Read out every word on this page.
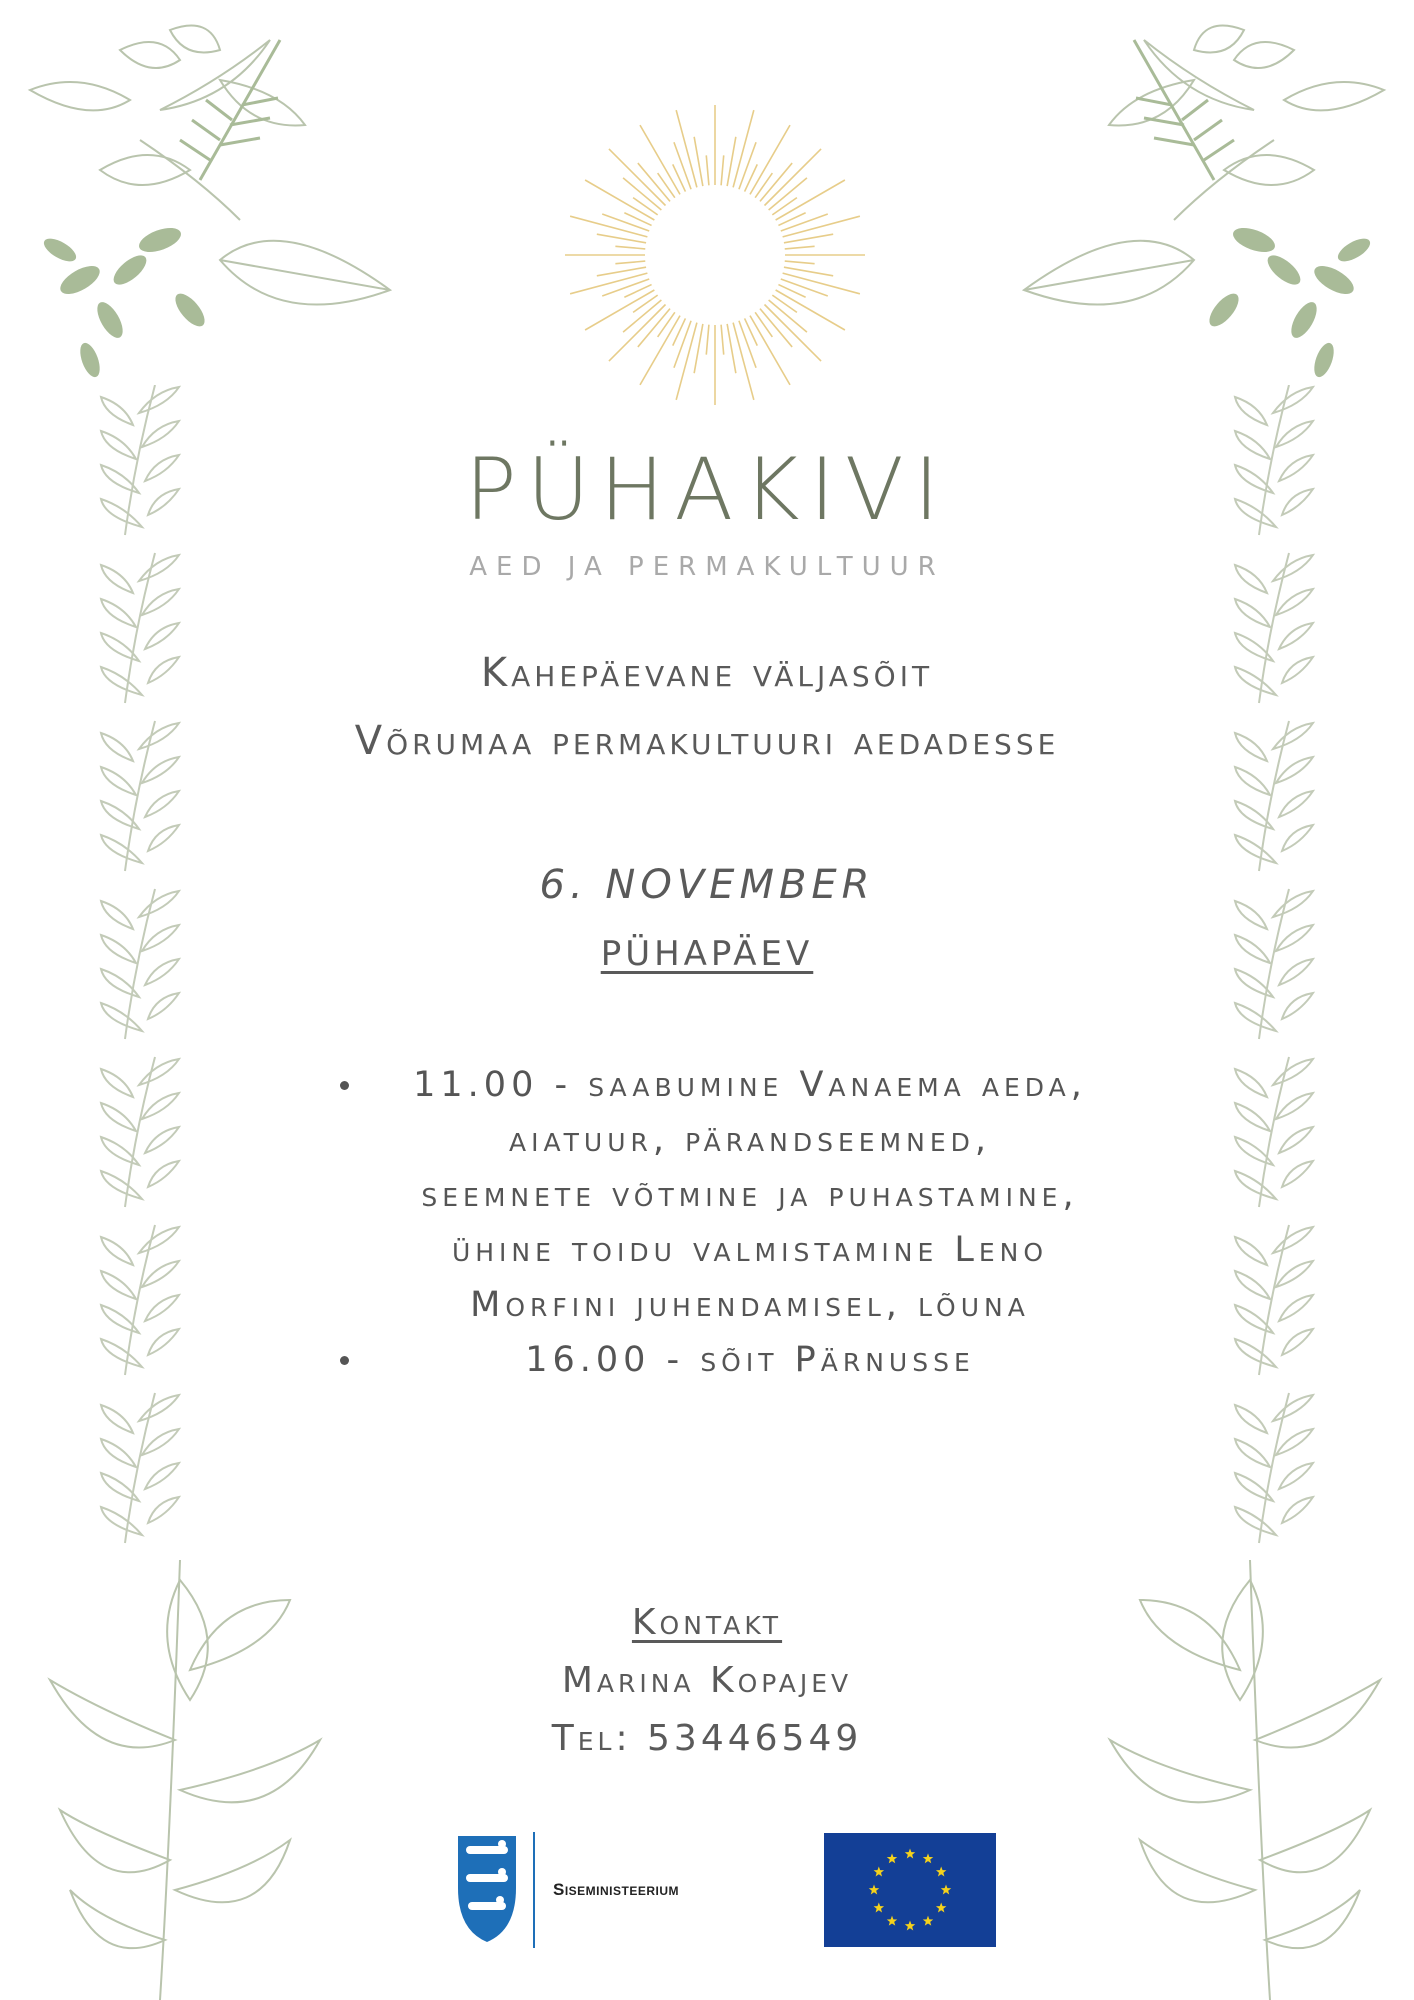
PÜHAKIVI
AED JA PERMAKULTUUR
Kahepäevane väljasõit
Võrumaa permakultuuri aedadesse
6. NOVEMBER
PÜHAPÄEV
11.00 - saabumine Vanaema aeda,
aiatuur, pärandseemned,
seemnete võtmine ja puhastamine,
ühine toidu valmistamine Leno
Morfini juhendamisel, lõuna
16.00 - sõit Pärnusse
Kontakt
Marina Kopajev
Tel: 53446549
Siseministeerium
